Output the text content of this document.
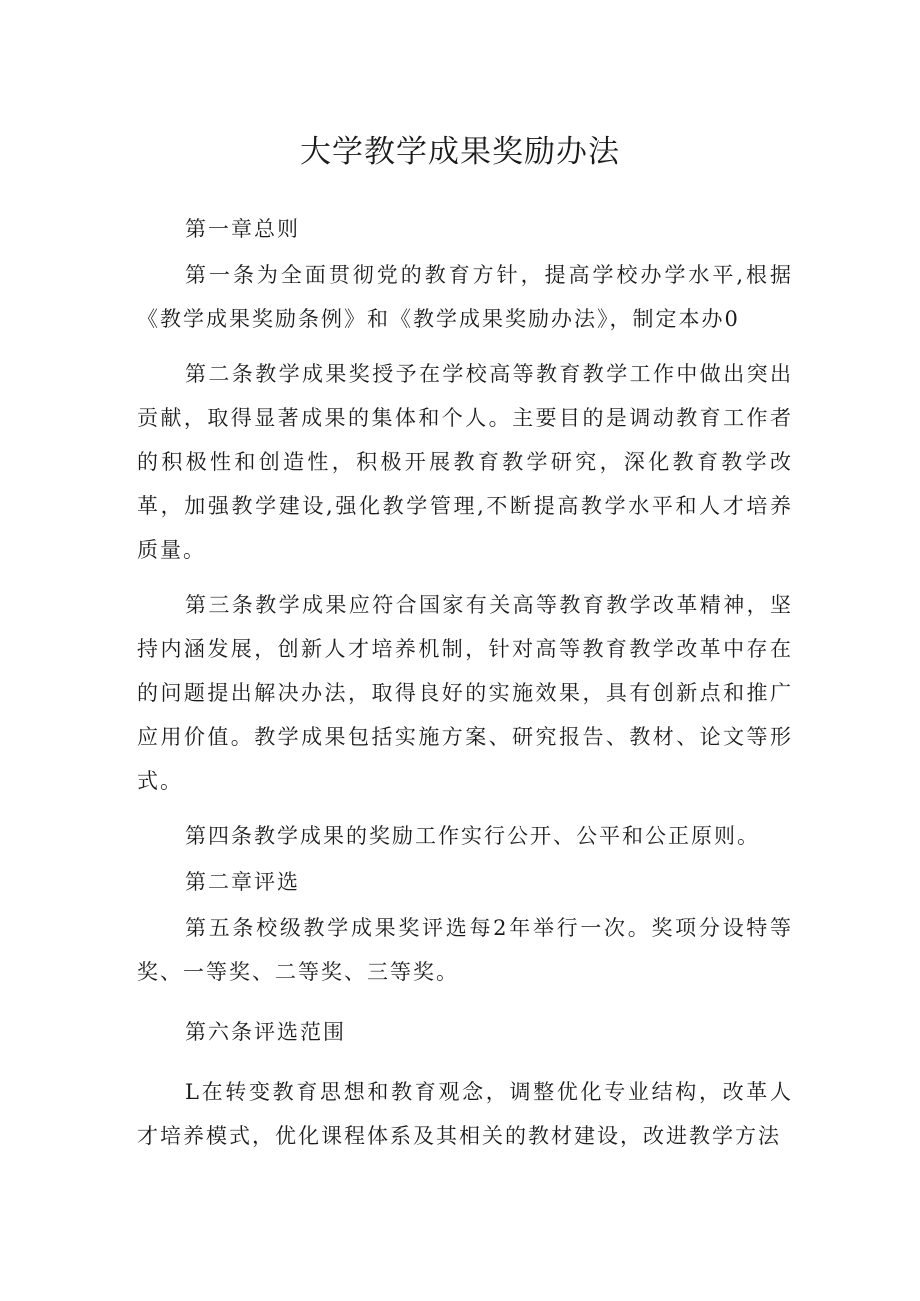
大学教学成果奖励办法

第一章总则

第一条为全面贯彻党的教育方针，提高学校办学水平,根据《教学成果奖励条例》和《教学成果奖励办法》，制定本办0

第二条教学成果奖授予在学校高等教育教学工作中做出突出贡献，取得显著成果的集体和个人。主要目的是调动教育工作者的积极性和创造性，积极开展教育教学研究，深化教育教学改革，加强教学建设,强化教学管理,不断提高教学水平和人才培养质量。

第三条教学成果应符合国家有关高等教育教学改革精神，坚持内涵发展，创新人才培养机制，针对高等教育教学改革中存在的问题提出解决办法，取得良好的实施效果，具有创新点和推广应用价值。教学成果包括实施方案、研究报告、教材、论文等形式。

第四条教学成果的奖励工作实行公开、公平和公正原则。

第二章评选

第五条校级教学成果奖评选每2年举行一次。奖项分设特等奖、一等奖、二等奖、三等奖。

第六条评选范围

L在转变教育思想和教育观念，调整优化专业结构，改革人才培养模式，优化课程体系及其相关的教材建设，改进教学方法
